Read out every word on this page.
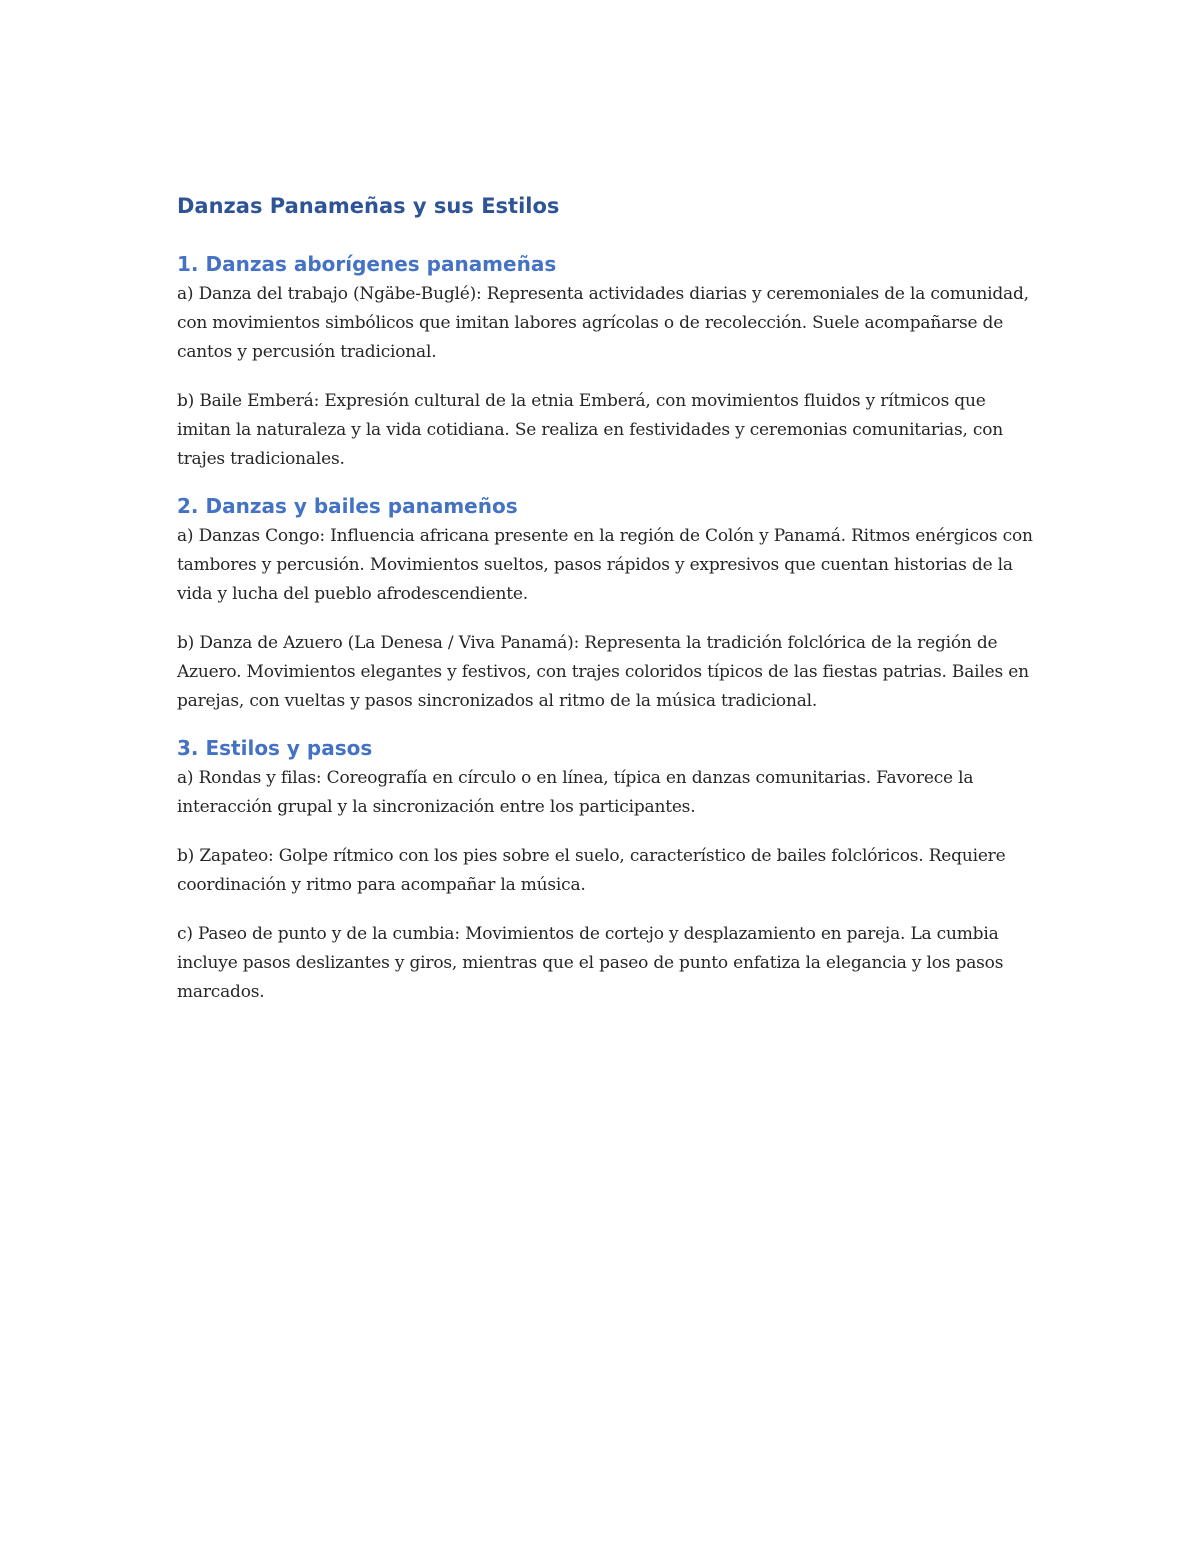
Danzas Panameñas y sus Estilos
1. Danzas aborígenes panameñas

a) Danza del trabajo (Ngäbe-Buglé): Representa actividades diarias y ceremoniales de la comunidad, con movimientos simbólicos que imitan labores agrícolas o de recolección. Suele acompañarse de cantos y percusión tradicional.

b) Baile Emberá: Expresión cultural de la etnia Emberá, con movimientos fluidos y rítmicos que imitan la naturaleza y la vida cotidiana. Se realiza en festividades y ceremonias comunitarias, con trajes tradicionales.

2. Danzas y bailes panameños

a) Danzas Congo: Influencia africana presente en la región de Colón y Panamá. Ritmos enérgicos con tambores y percusión. Movimientos sueltos, pasos rápidos y expresivos que cuentan historias de la vida y lucha del pueblo afrodescendiente.

b) Danza de Azuero (La Denesa / Viva Panamá): Representa la tradición folclórica de la región de Azuero. Movimientos elegantes y festivos, con trajes coloridos típicos de las fiestas patrias. Bailes en parejas, con vueltas y pasos sincronizados al ritmo de la música tradicional.

3. Estilos y pasos

a) Rondas y filas: Coreografía en círculo o en línea, típica en danzas comunitarias. Favorece la interacción grupal y la sincronización entre los participantes.

b) Zapateo: Golpe rítmico con los pies sobre el suelo, característico de bailes folclóricos. Requiere coordinación y ritmo para acompañar la música.

c) Paseo de punto y de la cumbia: Movimientos de cortejo y desplazamiento en pareja. La cumbia incluye pasos deslizantes y giros, mientras que el paseo de punto enfatiza la elegancia y los pasos marcados.
